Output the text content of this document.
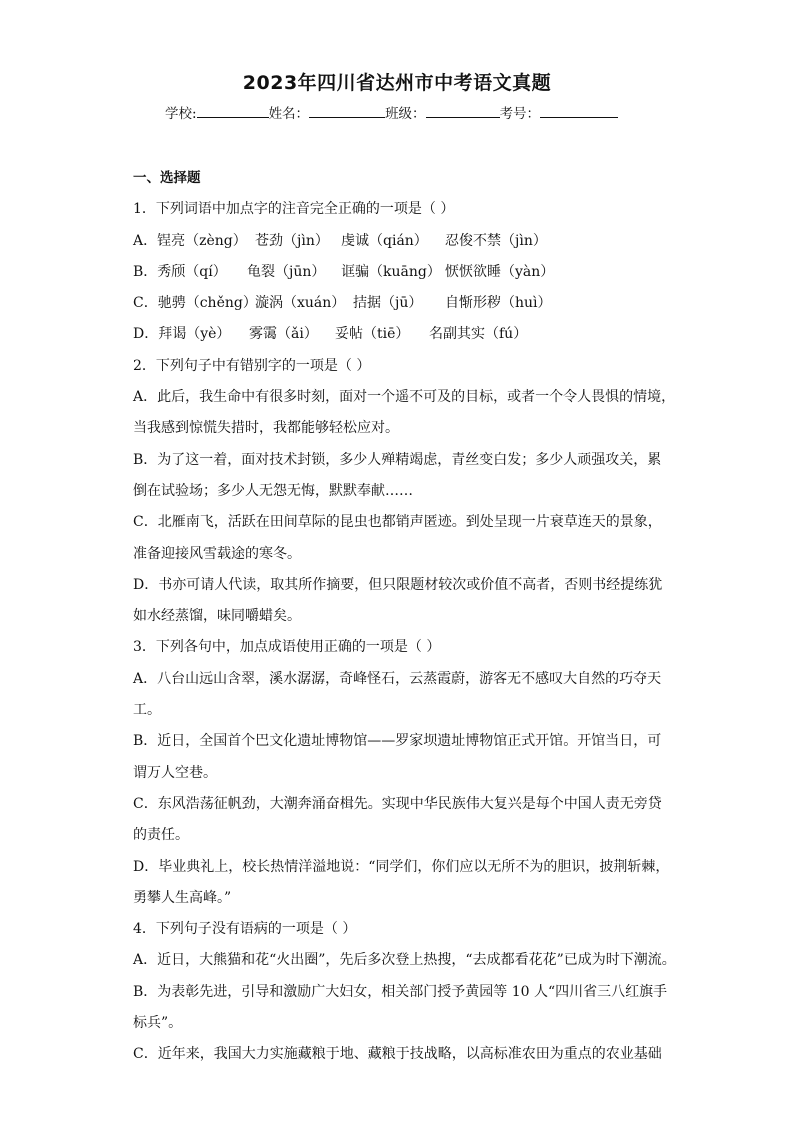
2023年四川省达州市中考语文真题
学校:	姓名：	班级：	考号：
一、选择题
1．下列词语中加点字的注音完全正确的一项是（ ）
A．锃亮（zèng） 苍劲（jìn） 虔诚（qián） 忍俊不禁（jìn）
B．秀颀（qí） 龟裂（jūn） 诓骗（kuāng） 恹恹欲睡（yàn）
C．驰骋（chěng）漩涡（xuán） 拮据（jū） 自惭形秽（huì）
D．拜谒（yè） 雾霭（ǎi） 妥帖（tiē） 名副其实（fú）
2．下列句子中有错别字的一项是（ ）
A．此后，我生命中有很多时刻，面对一个遥不可及的目标，或者一个令人畏惧的情境，
当我感到惊慌失措时，我都能够轻松应对。
B．为了这一着，面对技术封锁，多少人殚精竭虑，青丝变白发；多少人顽强攻关，累
倒在试验场；多少人无怨无悔，默默奉献……
C．北雁南飞，活跃在田间草际的昆虫也都销声匿迹。到处呈现一片衰草连天的景象，
准备迎接风雪载途的寒冬。
D．书亦可请人代读，取其所作摘要，但只限题材较次或价值不高者，否则书经提练犹
如水经蒸馏，味同嚼蜡矣。
3．下列各句中，加点成语使用正确的一项是（ ）
A．八台山远山含翠，溪水潺潺，奇峰怪石，云蒸霞蔚，游客无不感叹大自然的巧夺天
工。
B．近日，全国首个巴文化遗址博物馆——罗家坝遗址博物馆正式开馆。开馆当日，可
谓万人空巷。
C．东风浩荡征帆劲，大潮奔涌奋楫先。实现中华民族伟大复兴是每个中国人责无旁贷
的责任。
D．毕业典礼上，校长热情洋溢地说：“同学们，你们应以无所不为的胆识，披荆斩棘，
勇攀人生高峰。”
4．下列句子没有语病的一项是（ ）
A．近日，大熊猫和花“火出圈”，先后多次登上热搜，“去成都看花花”已成为时下潮流。
B．为表彰先进，引导和激励广大妇女，相关部门授予黄园等 10 人“四川省三八红旗手
标兵”。
C．近年来，我国大力实施藏粮于地、藏粮于技战略，以高标准农田为重点的农业基础
